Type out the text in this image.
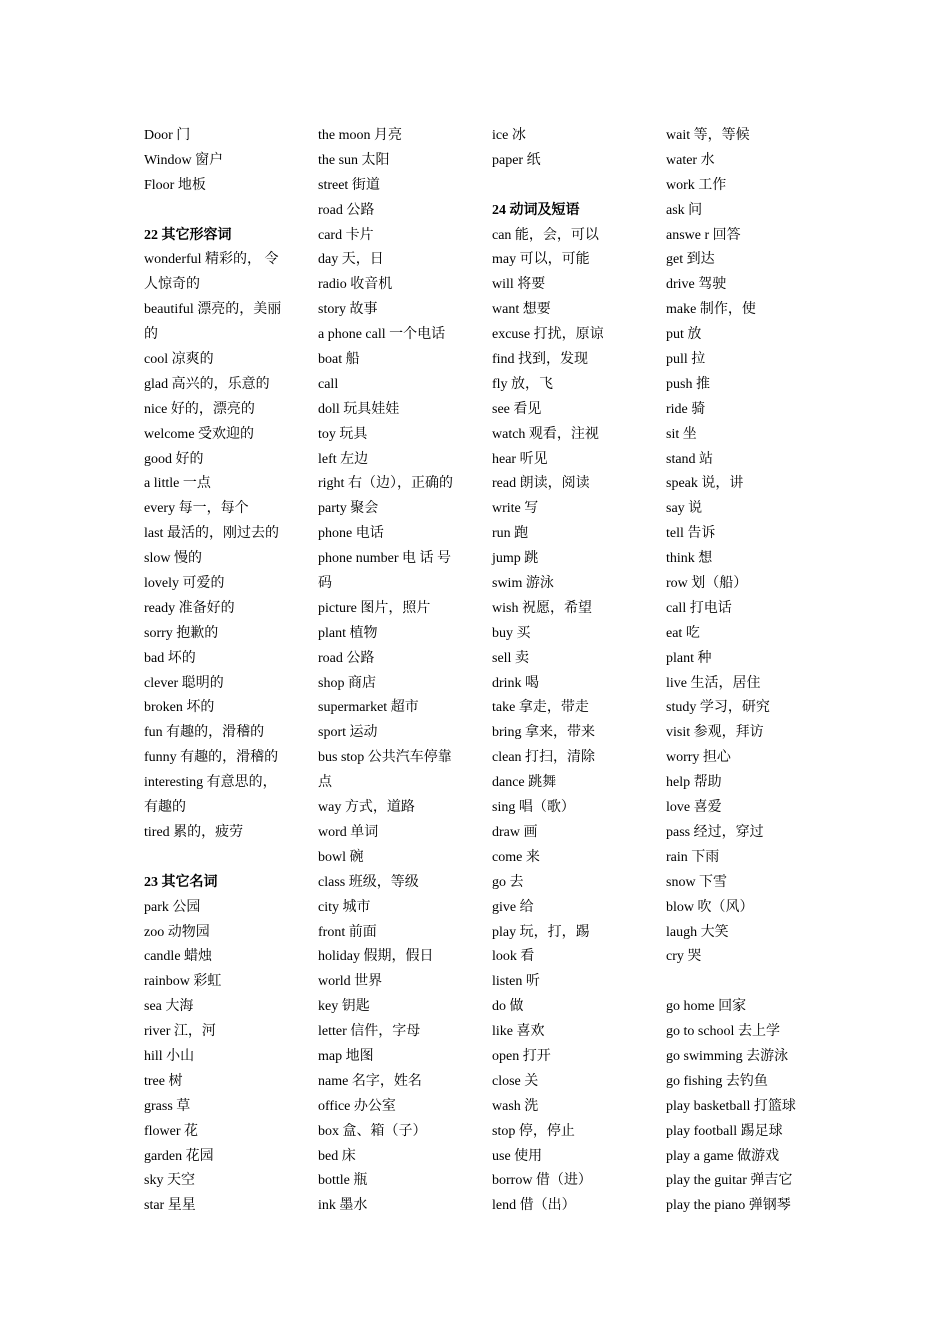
Door 门
Window 窗户
Floor 地板
22 其它形容词
wonderful 精彩的， 令
人惊奇的
beautiful 漂亮的，美丽
的
cool 凉爽的
glad 高兴的，乐意的
nice 好的，漂亮的
welcome 受欢迎的
good 好的
a little 一点
every 每一，每个
last 最活的，刚过去的
slow 慢的
lovely 可爱的
ready 准备好的
sorry 抱歉的
bad 坏的
clever 聪明的
broken 坏的
fun 有趣的，滑稽的
funny 有趣的，滑稽的
interesting 有意思的，
有趣的
tired 累的，疲劳
23 其它名词
park 公园
zoo 动物园
candle 蜡烛
rainbow 彩虹
sea 大海
river 江，河
hill 小山
tree 树
grass 草
flower 花
garden 花园
sky 天空
star 星星
the moon 月亮
the sun 太阳
street 街道
road 公路
card 卡片
day 天，日
radio 收音机
story 故事
a phone call 一个电话
boat 船
call
doll 玩具娃娃
toy 玩具
left 左边
right 右（边），正确的
party 聚会
phone 电话
phone number 电 话 号
码
picture 图片，照片
plant 植物
road 公路
shop 商店
supermarket 超市
sport 运动
bus stop 公共汽车停靠
点
way 方式，道路
word 单词
bowl 碗
class 班级，等级
city 城市
front 前面
holiday 假期，假日
world 世界
key 钥匙
letter 信件，字母
map 地图
name 名字，姓名
office 办公室
box 盒、箱（子）
bed 床
bottle 瓶
ink 墨水
ice 冰
paper 纸
24 动词及短语
can 能，会，可以
may 可以，可能
will 将要
want 想要
excuse 打扰，原谅
find 找到，发现
fly 放，飞
see 看见
watch 观看，注视
hear 听见
read 朗读，阅读
write 写
run 跑
jump 跳
swim 游泳
wish 祝愿，希望
buy 买
sell 卖
drink 喝
take 拿走，带走
bring 拿来，带来
clean 打扫，清除
dance 跳舞
sing 唱（歌）
draw 画
come 来
go 去
give 给
play 玩，打，踢
look 看
listen 听
do 做
like 喜欢
open 打开
close 关
wash 洗
stop 停，停止
use 使用
borrow 借（进）
lend 借（出）
wait 等，等候
water 水
work 工作
ask 问
answe r 回答
get 到达
drive 驾驶
make 制作，使
put 放
pull 拉
push 推
ride 骑
sit 坐
stand 站
speak 说，讲
say 说
tell 告诉
think 想
row 划（船）
call 打电话
eat 吃
plant 种
live 生活，居住
study 学习，研究
visit 参观，拜访
worry 担心
help 帮助
love 喜爱
pass 经过，穿过
rain 下雨
snow 下雪
blow 吹（风）
laugh 大笑
cry 哭
go home 回家
go to school 去上学
go swimming 去游泳
go fishing 去钓鱼
play basketball 打篮球
play football 踢足球
play a game 做游戏
play the guitar 弹吉它
play the piano 弹钢琴
